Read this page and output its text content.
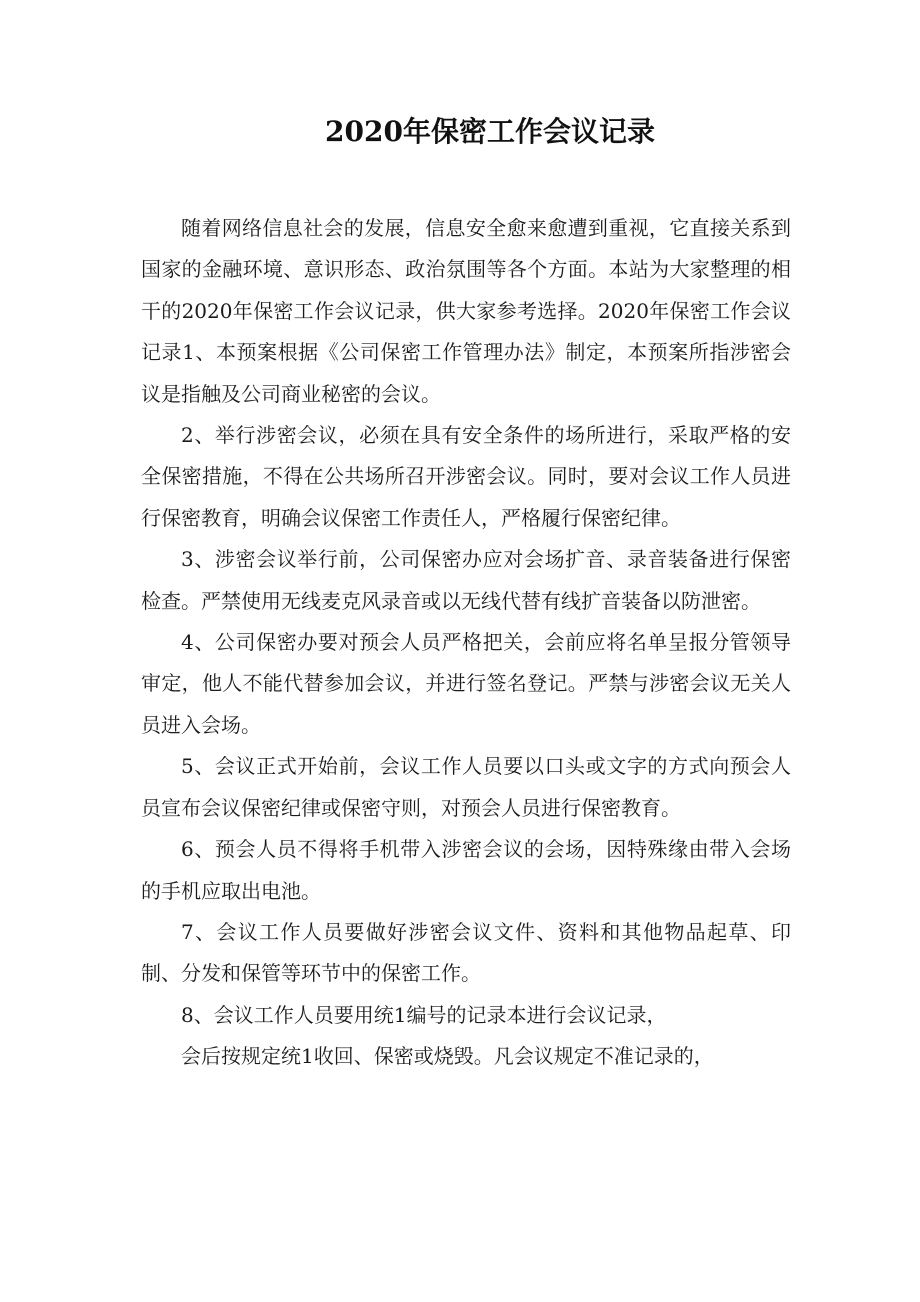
2020年保密工作会议记录

随着网络信息社会的发展，信息安全愈来愈遭到重视，它直接关系到国家的金融环境、意识形态、政治氛围等各个方面。本站为大家整理的相干的2020年保密工作会议记录，供大家参考选择。2020年保密工作会议记录1、本预案根据《公司保密工作管理办法》制定，本预案所指涉密会议是指触及公司商业秘密的会议。

2、举行涉密会议，必须在具有安全条件的场所进行，采取严格的安全保密措施，不得在公共场所召开涉密会议。同时，要对会议工作人员进行保密教育，明确会议保密工作责任人，严格履行保密纪律。

3、涉密会议举行前，公司保密办应对会场扩音、录音装备进行保密检查。严禁使用无线麦克风录音或以无线代替有线扩音装备以防泄密。

4、公司保密办要对预会人员严格把关，会前应将名单呈报分管领导审定，他人不能代替参加会议，并进行签名登记。严禁与涉密会议无关人员进入会场。

5、会议正式开始前，会议工作人员要以口头或文字的方式向预会人员宣布会议保密纪律或保密守则，对预会人员进行保密教育。

6、预会人员不得将手机带入涉密会议的会场，因特殊缘由带入会场的手机应取出电池。

7、会议工作人员要做好涉密会议文件、资料和其他物品起草、印制、分发和保管等环节中的保密工作。

8、会议工作人员要用统1编号的记录本进行会议记录，

会后按规定统1收回、保密或烧毁。凡会议规定不准记录的，
